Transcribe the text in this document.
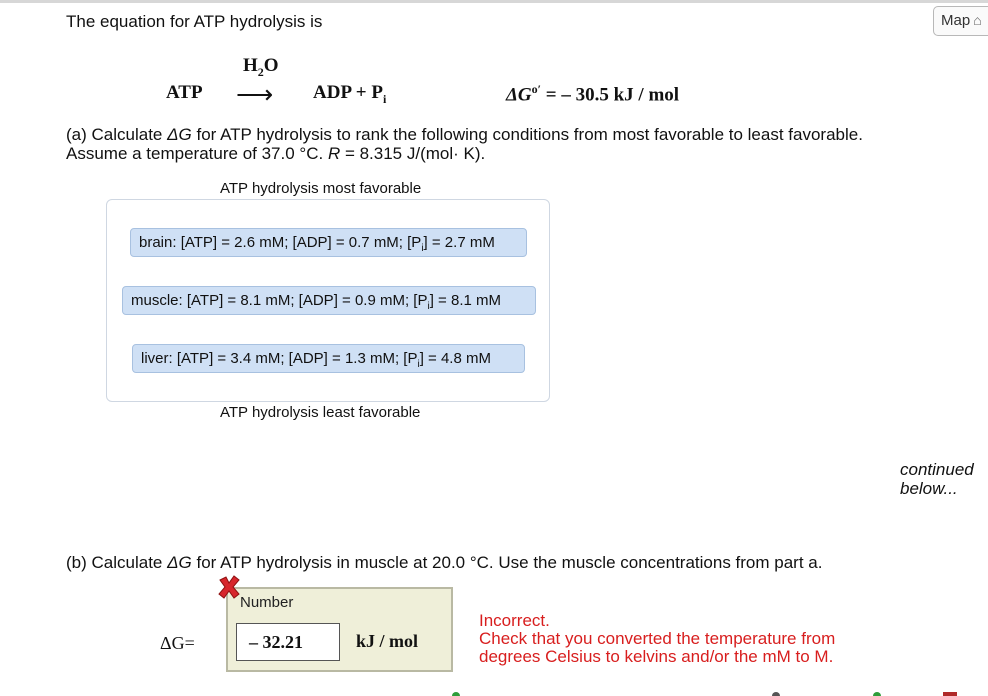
The equation for ATP hydrolysis is	Map ⌂
ATP
$H_2O$
⟶ ADP + $P_i$	$\Delta G^{o'}$ = – 30.5 kJ / mol
(a) Calculate ΔG for ATP hydrolysis to rank the following conditions from most favorable to least favorable.
Assume a temperature of 37.0 °C. R = 8.315 J/(mol· K).
ATP hydrolysis most favorable
brain: [ATP] = 2.6 mM; [ADP] = 0.7 mM; $[P_i] = 2.7$ mM
muscle: [ATP] = 8.1 mM; [ADP] = 0.9 mM; $[P_i] = 8.1$ mM
liver: [ATP] = 3.4 mM; [ADP] = 1.3 mM; $[P_i] = 4.8$ mM
ATP hydrolysis least favorable
continued
below...
(b) Calculate ΔG for ATP hydrolysis in muscle at 20.0 °C. Use the muscle concentrations from part a.
Number
ΔG=	– 32.21	kJ / mol
Incorrect.
Check that you converted the temperature from degrees Celsius to kelvins and/or the mM to M.
